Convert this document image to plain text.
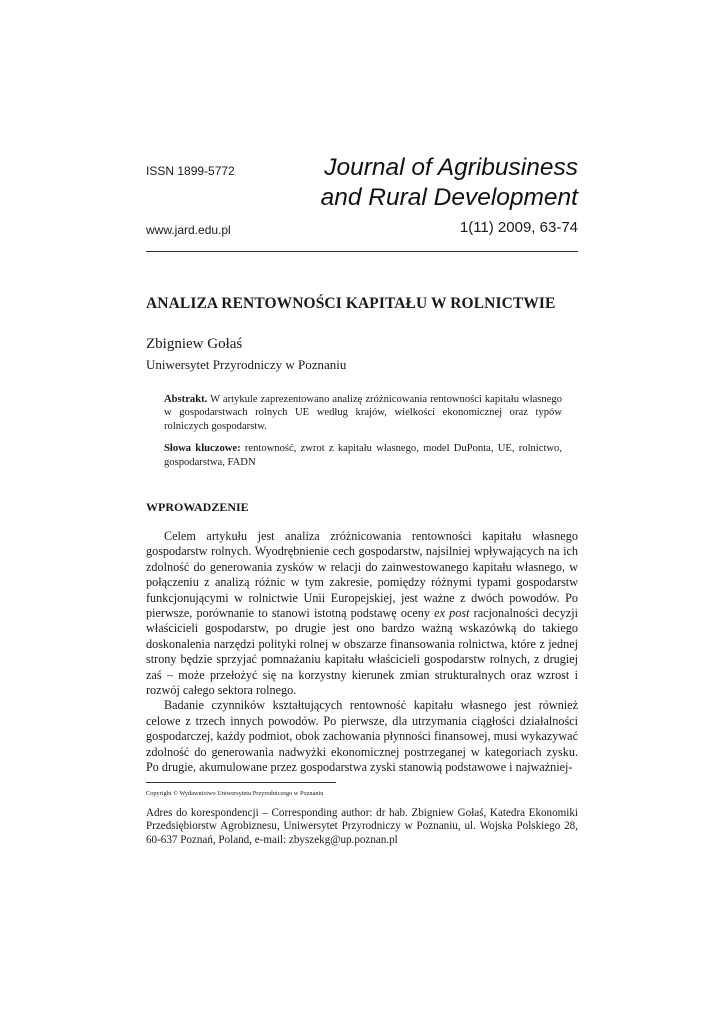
ISSN 1899-5772	Journal of Agribusiness
and Rural Development
www.jard.edu.pl	1(11) 2009, 63-74
ANALIZA RENTOWNOŚCI KAPITAŁU W ROLNICTWIE
Zbigniew Gołaś
Uniwersytet Przyrodniczy w Poznaniu

Abstrakt. W artykule zaprezentowano analizę zróżnicowania rentowności kapitału własnego w gospodarstwach rolnych UE według krajów, wielkości ekonomicznej oraz typów rolniczych gospodarstw.

Słowa kluczowe: rentowność, zwrot z kapitału własnego, model DuPonta, UE, rolnictwo, gospodarstwa, FADN

WPROWADZENIE

Celem artykułu jest analiza zróżnicowania rentowności kapitału własnego gospodarstw rolnych. Wyodrębnienie cech gospodarstw, najsilniej wpływających na ich zdolność do generowania zysków w relacji do zainwestowanego kapitału własnego, w połączeniu z analizą różnic w tym zakresie, pomiędzy różnymi typami gospodarstw funkcjonującymi w rolnictwie Unii Europejskiej, jest ważne z dwóch powodów. Po pierwsze, porównanie to stanowi istotną podstawę oceny ex post racjonalności decyzji właścicieli gospodarstw, po drugie jest ono bardzo ważną wskazówką do takiego doskonalenia narzędzi polityki rolnej w obszarze finansowania rolnictwa, które z jednej strony będzie sprzyjać pomnażaniu kapitału właścicieli gospodarstw rolnych, z drugiej zaś – może przełożyć się na korzystny kierunek zmian strukturalnych oraz wzrost i rozwój całego sektora rolnego.

Badanie czynników kształtujących rentowność kapitału własnego jest również celowe z trzech innych powodów. Po pierwsze, dla utrzymania ciągłości działalności gospodarczej, każdy podmiot, obok zachowania płynności finansowej, musi wykazywać zdolność do generowania nadwyżki ekonomicznej postrzeganej w kategoriach zysku. Po drugie, akumulowane przez gospodarstwa zyski stanowią podstawowe i najważniej-

Copyright © Wydawnictwo Uniwersytetu Przyrodniczego w Poznaniu
Adres do korespondencji – Corresponding author: dr hab. Zbigniew Gołaś, Katedra Ekonomiki Przedsiębiorstw Agrobiznesu, Uniwersytet Przyrodniczy w Poznaniu, ul. Wojska Polskiego 28, 60-637 Poznań, Poland, e-mail: zbyszekg@up.poznan.pl
